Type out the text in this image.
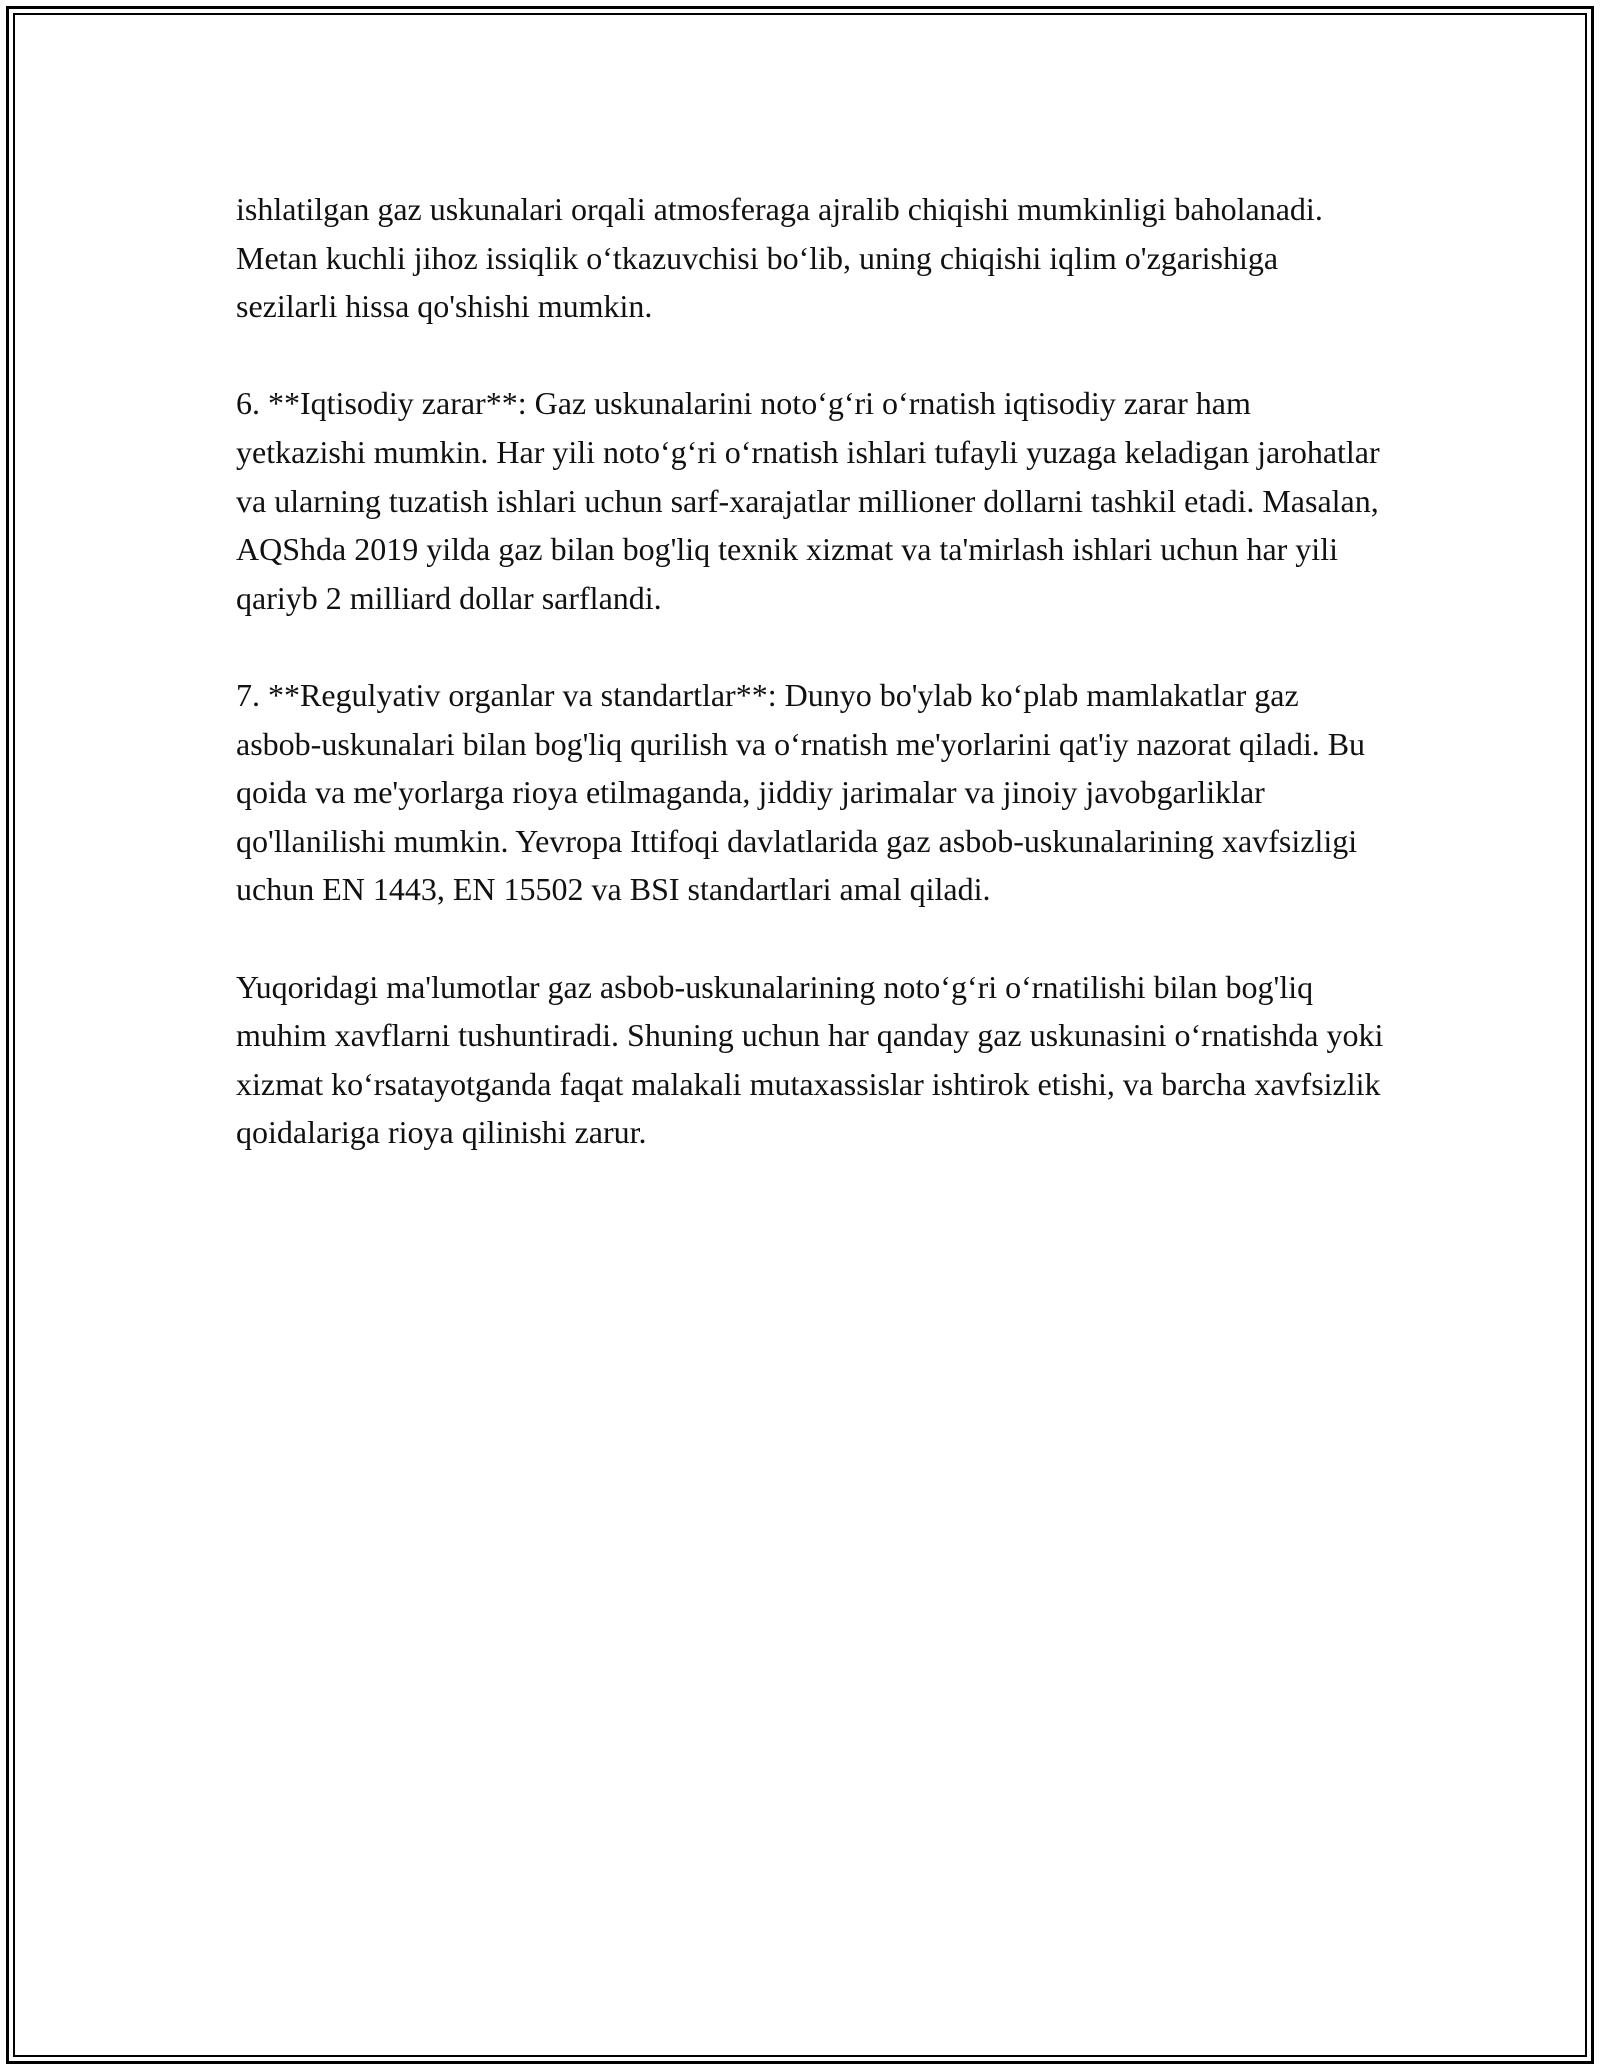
ishlatilgan gaz uskunalari orqali atmosferaga ajralib chiqishi mumkinligi baholanadi. Metan kuchli jihoz issiqlik o‘tkazuvchisi bo‘lib, uning chiqishi iqlim o'zgarishiga sezilarli hissa qo'shishi mumkin.

6. **Iqtisodiy zarar**: Gaz uskunalarini noto‘g‘ri o‘rnatish iqtisodiy zarar ham yetkazishi mumkin. Har yili noto‘g‘ri o‘rnatish ishlari tufayli yuzaga keladigan jarohatlar va ularning tuzatish ishlari uchun sarf-xarajatlar millioner dollarni tashkil etadi. Masalan, AQShda 2019 yilda gaz bilan bog'liq texnik xizmat va ta'mirlash ishlari uchun har yili qariyb 2 milliard dollar sarflandi.

7. **Regulyativ organlar va standartlar**: Dunyo bo'ylab ko‘plab mamlakatlar gaz asbob-uskunalari bilan bog'liq qurilish va o‘rnatish me'yorlarini qat'iy nazorat qiladi. Bu qoida va me'yorlarga rioya etilmaganda, jiddiy jarimalar va jinoiy javobgarliklar qo'llanilishi mumkin. Yevropa Ittifoqi davlatlarida gaz asbob-uskunalarining xavfsizligi uchun EN 1443, EN 15502 va BSI standartlari amal qiladi.

Yuqoridagi ma'lumotlar gaz asbob-uskunalarining noto‘g‘ri o‘rnatilishi bilan bog'liq muhim xavflarni tushuntiradi. Shuning uchun har qanday gaz uskunasini o‘rnatishda yoki xizmat ko‘rsatayotganda faqat malakali mutaxassislar ishtirok etishi, va barcha xavfsizlik qoidalariga rioya qilinishi zarur.
